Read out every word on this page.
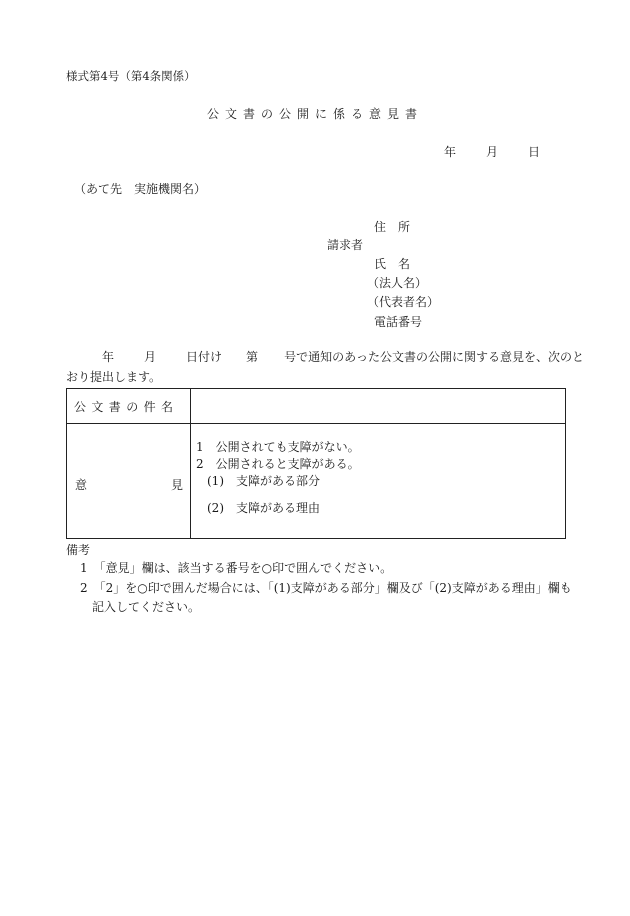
様式第4号（第4条関係）
公文書の公開に係る意見書
年	月	日
（あて先　実施機関名）
住　所
請求者
氏　名
（法人名）
（代表者名）
電話番号
年	月	日付け 第 号で通知のあった公文書の公開に関する意見を、次のと
おり提出します。
公文書の件名
意	見
1　公開されても支障がない。
2　公開されると支障がある。
(1)　支障がある部分
(2)　支障がある理由
備考
1　「意見」欄は、該当する番号を○印で囲んでください。
2　「2」を○印で囲んだ場合には、「(1)支障がある部分」欄及び「(2)支障がある理由」欄も
記入してください。
